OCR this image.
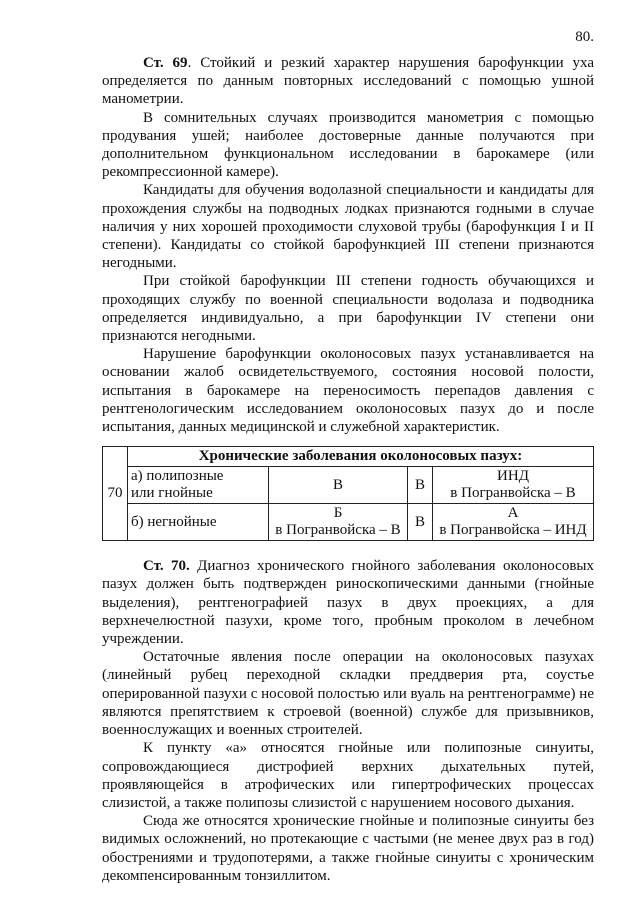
80.

Ст. 69. Стойкий и резкий характер нарушения барофункции уха определяется по данным повторных исследований с помощью ушной манометрии.

В сомнительных случаях производится манометрия с помощью продувания ушей; наиболее достоверные данные получаются при дополнительном функциональном исследовании в барокамере (или рекомпрессионной камере).

Кандидаты для обучения водолазной специальности и кандидаты для прохождения службы на подводных лодках признаются годными в случае наличия у них хорошей проходимости слуховой трубы (барофункция I и II степени). Кандидаты со стойкой барофункцией III степени признаются негодными.

При стойкой барофункции III степени годность обучающихся и проходящих службу по военной специальности водолаза и подводника определяется индивидуально, а при барофункции IV степени они признаются негодными.

Нарушение барофункции околоносовых пазух устанавливается на основании жалоб освидетельствуемого, состояния носовой полости, испытания в барокамере на переносимость перепадов давления с рентгенологическим исследованием околоносовых пазух до и после испытания, данных медицинской и служебной характеристик.

70	Хронические заболевания околоносовых пазух:			

	а) полипозные
или гнойные	В	В	ИНД
в Погранвойска – В

	б) негнойные	Б
в Погранвойска – В	В	А
в Погранвойска – ИНД

Ст. 70. Диагноз хронического гнойного заболевания околоносовых пазух должен быть подтвержден риноскопическими данными (гнойные выделения), рентгенографией пазух в двух проекциях, а для верхнечелюстной пазухи, кроме того, пробным проколом в лечебном учреждении.

Остаточные явления после операции на околоносовых пазухах (линейный рубец переходной складки преддверия рта, соустье оперированной пазухи с носовой полостью или вуаль на рентгенограмме) не являются препятствием к строевой (военной) службе для призывников, военнослужащих и военных строителей.

К пункту «а» относятся гнойные или полипозные синуиты, сопровождающиеся дистрофией верхних дыхательных путей, проявляющейся в атрофических или гипертрофических процессах слизистой, а также полипозы слизистой с нарушением носового дыхания.

Сюда же относятся хронические гнойные и полипозные синуиты без видимых осложнений, но протекающие с частыми (не менее двух раз в год) обострениями и трудопотерями, а также гнойные синуиты с хроническим декомпенсированным тонзиллитом.
